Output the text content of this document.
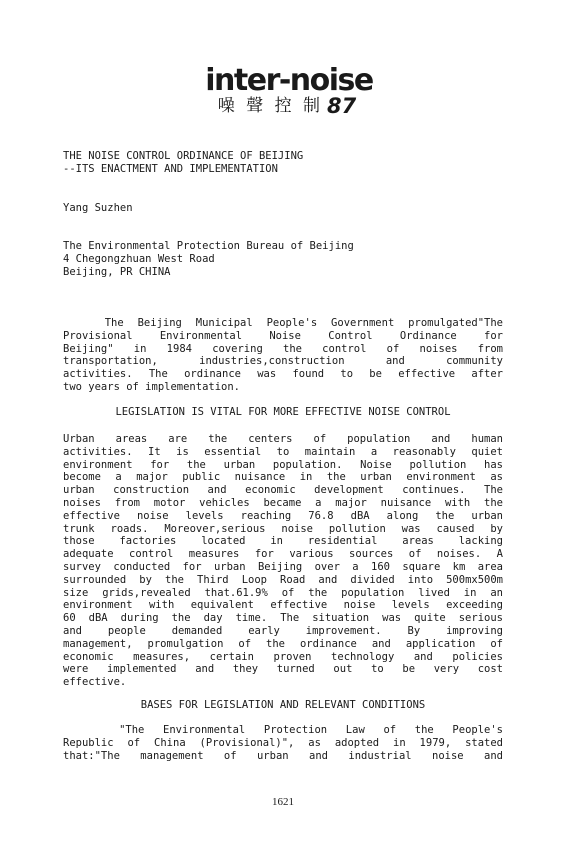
inter-noise
噪 聲 控 制 87
THE NOISE CONTROL ORDINANCE OF BEIJING
--ITS ENACTMENT AND IMPLEMENTATION
Yang Suzhen
The Environmental Protection Bureau of Beijing
4 Chegongzhuan West Road
Beijing, PR CHINA
The Beijing Municipal People's Government promulgated"The
Provisional Environmental Noise Control Ordinance for
Beijing" in 1984 covering the control of noises from
transportation, industries,construction and community
activities. The ordinance was found to be effective after
two years of implementation.
LEGISLATION IS VITAL FOR MORE EFFECTIVE NOISE CONTROL
Urban areas are the centers of population and human
activities. It is essential to maintain a reasonably quiet
environment for the urban population. Noise pollution has
become a major public nuisance in the urban environment as
urban construction and economic development continues. The
noises from motor vehicles became a major nuisance with the
effective noise levels reaching 76.8 dBA along the urban
trunk roads. Moreover,serious noise pollution was caused by
those factories located in residential areas lacking
adequate control measures for various sources of noises. A
survey conducted for urban Beijing over a 160 square km area
surrounded by the Third Loop Road and divided into 500mx500m
size grids,revealed that.61.9% of the population lived in an
environment with equivalent effective noise levels exceeding
60 dBA during the day time. The situation was quite serious
and people demanded early improvement. By improving
management, promulgation of the ordinance and application of
economic measures, certain proven technology and policies
were implemented and they turned out to be very cost
effective.
BASES FOR LEGISLATION AND RELEVANT CONDITIONS
"The Environmental Protection Law of the People's
Republic of China (Provisional)", as adopted in 1979, stated
that:"The management of urban and industrial noise and
1621
